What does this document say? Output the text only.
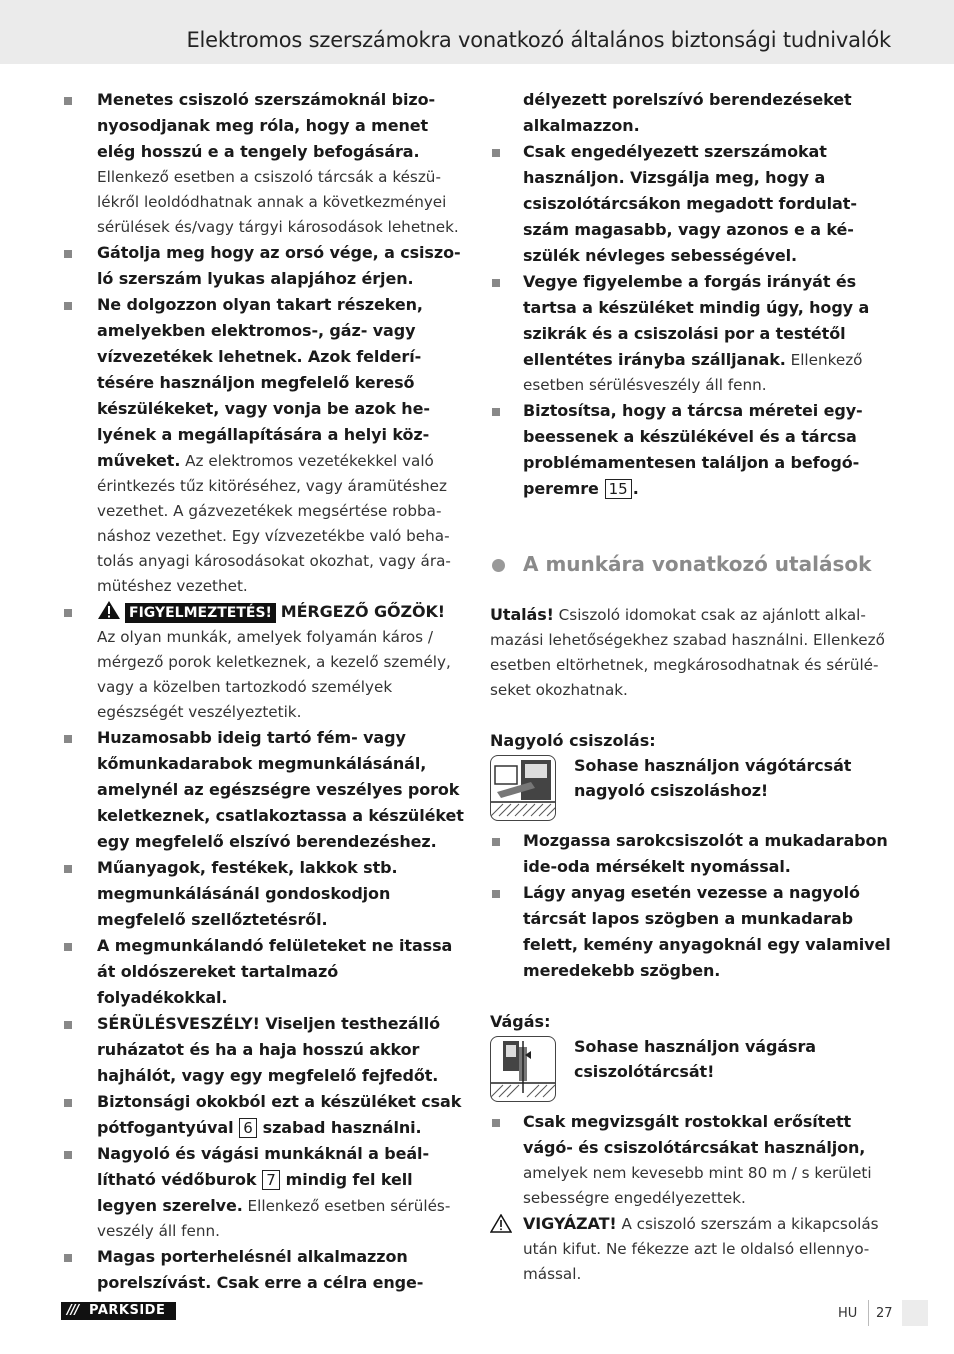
Elektromos szerszámokra vonatkozó általános biztonsági tudnivalók
Menetes csiszoló szerszámoknál bizonyosodjanak meg róla, hogy a menet elég hosszú e a tengely befogására. Ellenkező esetben a csiszoló tárcsák a készülékről leoldódhatnak annak a következményei sérülések és/vagy tárgyi károsodások lehetnek.
Gátolja meg hogy az orsó vége, a csiszoló szerszám lyukas alapjához érjen.
Ne dolgozzon olyan takart részeken, amelyekben elektromos-, gáz- vagy vízvezetékek lehetnek. Azok felderítésére használjon megfelelő kereső készülékeket, vagy vonja be azok helyének a megállapítására a helyi közműveket. Az elektromos vezetékekkel való érintkezés tűz kitöréséhez, vagy áramütéshez vezethet. A gázvezetékek megsértése robbanáshoz vezethet. Egy vízvezetékbe való behatolás anyagi károsodásokat okozhat, vagy áramütéshez vezethet.
FIGYELMEZTETÉS! MÉRGEZŐ GŐZÖK! Az olyan munkák, amelyek folyamán káros / mérgező porok keletkeznek, a kezelő személy, vagy a közelben tartozkodó személyek egészségét veszélyeztetik.
Huzamosabb ideig tartó fém- vagy kőmunkadarabok megmunkálásánál, amelynél az egészségre veszélyes porok keletkeznek, csatlakoztassa a készüléket egy megfelelő elszívó berendezéshez.
Műanyagok, festékek, lakkok stb. megmunkálásánál gondoskodjon megfelelő szellőztetésről.
A megmunkálandó felületeket ne itassa át oldószereket tartalmazó folyadékokkal.
SÉRÜLÉSVESZÉLY! Viseljen testhezálló ruházatot és ha a haja hosszú akkor hajhálót, vagy egy megfelelő fejfedőt.
Biztonsági okokból ezt a készüléket csak pótfogantyúval 6 szabad használni.
Nagyoló és vágási munkáknál a beállítható védőburok 7 mindig fel kell legyen szerelve. Ellenkező esetben sérülésveszély áll fenn.
Magas porterhelésnél alkalmazzon porelszívást. Csak erre a célra enge-
délyezett porelszívó berendezéseket alkalmazzon.
Csak engedélyezett szerszámokat használjon. Vizsgálja meg, hogy a csiszolótárcsákon megadott fordulatszám magasabb, vagy azonos e a készülék névleges sebességével.
Vegye figyelembe a forgás irányát és tartsa a készüléket mindig úgy, hogy a szikrák és a csiszolási por a testétől ellentétes irányba szálljanak. Ellenkező esetben sérülésveszély áll fenn.
Biztosítsa, hogy a tárcsa méretei egybeessenek a készülékével és a tárcsa problémamentesen találjon a befogóperemre 15 .
A munkára vonatkozó utalások
Utalás! Csiszoló idomokat csak az ajánlott alkalmazási lehetőségekhez szabad használni. Ellenkező esetben eltörhetnek, megkárosodhatnak és sérüléseket okozhatnak.
Nagyoló csiszolás:
Sohase használjon vágótárcsát nagyoló csiszoláshoz!
Mozgassa sarokcsiszolót a mukadarabon ide-oda mérsékelt nyomással.
Lágy anyag esetén vezesse a nagyoló tárcsát lapos szögben a munkadarab felett, kemény anyagoknál egy valamivel meredekebb szögben.
Vágás:
Sohase használjon vágásra csiszolótárcsát!
Csak megvizsgált rostokkal erősített vágó- és csiszolótárcsákat használjon, amelyek nem kevesebb mint 80 m / s kerületi sebességre engedélyezettek.
VIGYÁZAT! A csiszoló szerszám a kikapcsolás után kifut. Ne fékezze azt le oldalsó ellennyomással.
/// PARKSIDE	HU 27
